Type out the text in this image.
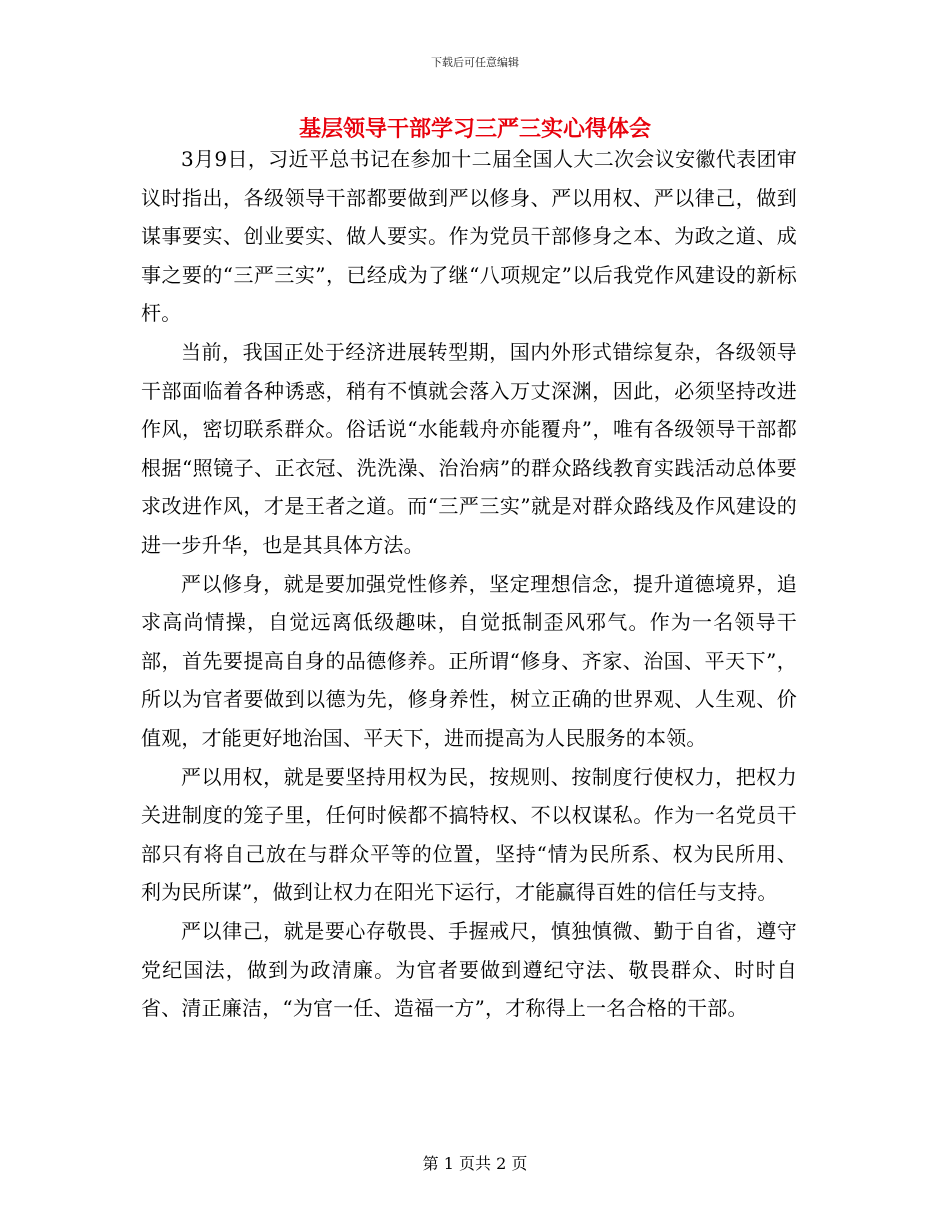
下载后可任意编辑
基层领导干部学习三严三实心得体会

3月9日，习近平总书记在参加十二届全国人大二次会议安徽代表团审议时指出，各级领导干部都要做到严以修身、严以用权、严以律己，做到谋事要实、创业要实、做人要实。作为党员干部修身之本、为政之道、成事之要的“三严三实”，已经成为了继“八项规定”以后我党作风建设的新标杆。

当前，我国正处于经济进展转型期，国内外形式错综复杂，各级领导干部面临着各种诱惑，稍有不慎就会落入万丈深渊，因此，必须坚持改进作风，密切联系群众。俗话说“水能载舟亦能覆舟”，唯有各级领导干部都根据“照镜子、正衣冠、洗洗澡、治治病”的群众路线教育实践活动总体要求改进作风，才是王者之道。而“三严三实”就是对群众路线及作风建设的进一步升华，也是其具体方法。

严以修身，就是要加强党性修养，坚定理想信念，提升道德境界，追求高尚情操，自觉远离低级趣味，自觉抵制歪风邪气。作为一名领导干部，首先要提高自身的品德修养。正所谓“修身、齐家、治国、平天下”，所以为官者要做到以德为先，修身养性，树立正确的世界观、人生观、价值观，才能更好地治国、平天下，进而提高为人民服务的本领。

严以用权，就是要坚持用权为民，按规则、按制度行使权力，把权力关进制度的笼子里，任何时候都不搞特权、不以权谋私。作为一名党员干部只有将自己放在与群众平等的位置，坚持“情为民所系、权为民所用、利为民所谋”，做到让权力在阳光下运行，才能赢得百姓的信任与支持。

严以律己，就是要心存敬畏、手握戒尺，慎独慎微、勤于自省，遵守党纪国法，做到为政清廉。为官者要做到遵纪守法、敬畏群众、时时自省、清正廉洁，“为官一任、造福一方”，才称得上一名合格的干部。

第 1 页共 2 页
